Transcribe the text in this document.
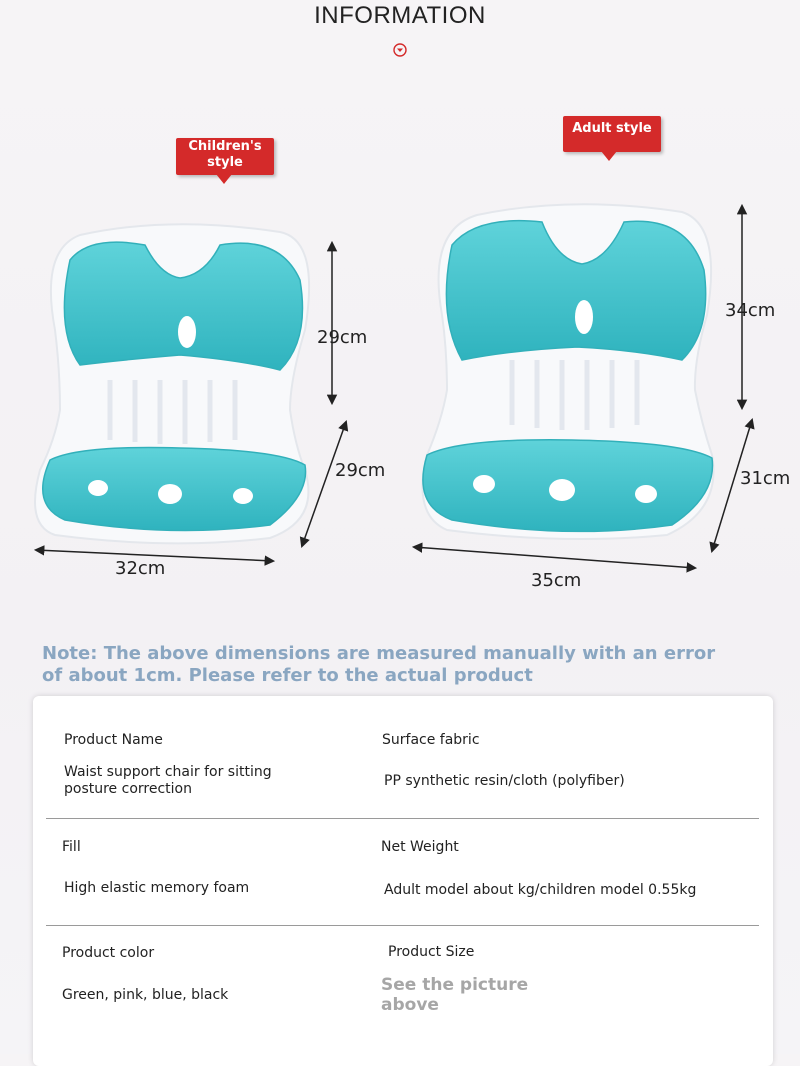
INFORMATION
Children's
style
Adult style
29cm
29cm
32cm
34cm
31cm
35cm
Note: The above dimensions are measured manually with an error of about 1cm. Please refer to the actual product
Product Name
Waist support chair for sitting
posture correction
Surface fabric
PP synthetic resin/cloth (polyfiber)
Fill
High elastic memory foam
Net Weight
Adult model about kg/children model 0.55kg
Product color
Green, pink, blue, black
Product Size
See the picture
above
